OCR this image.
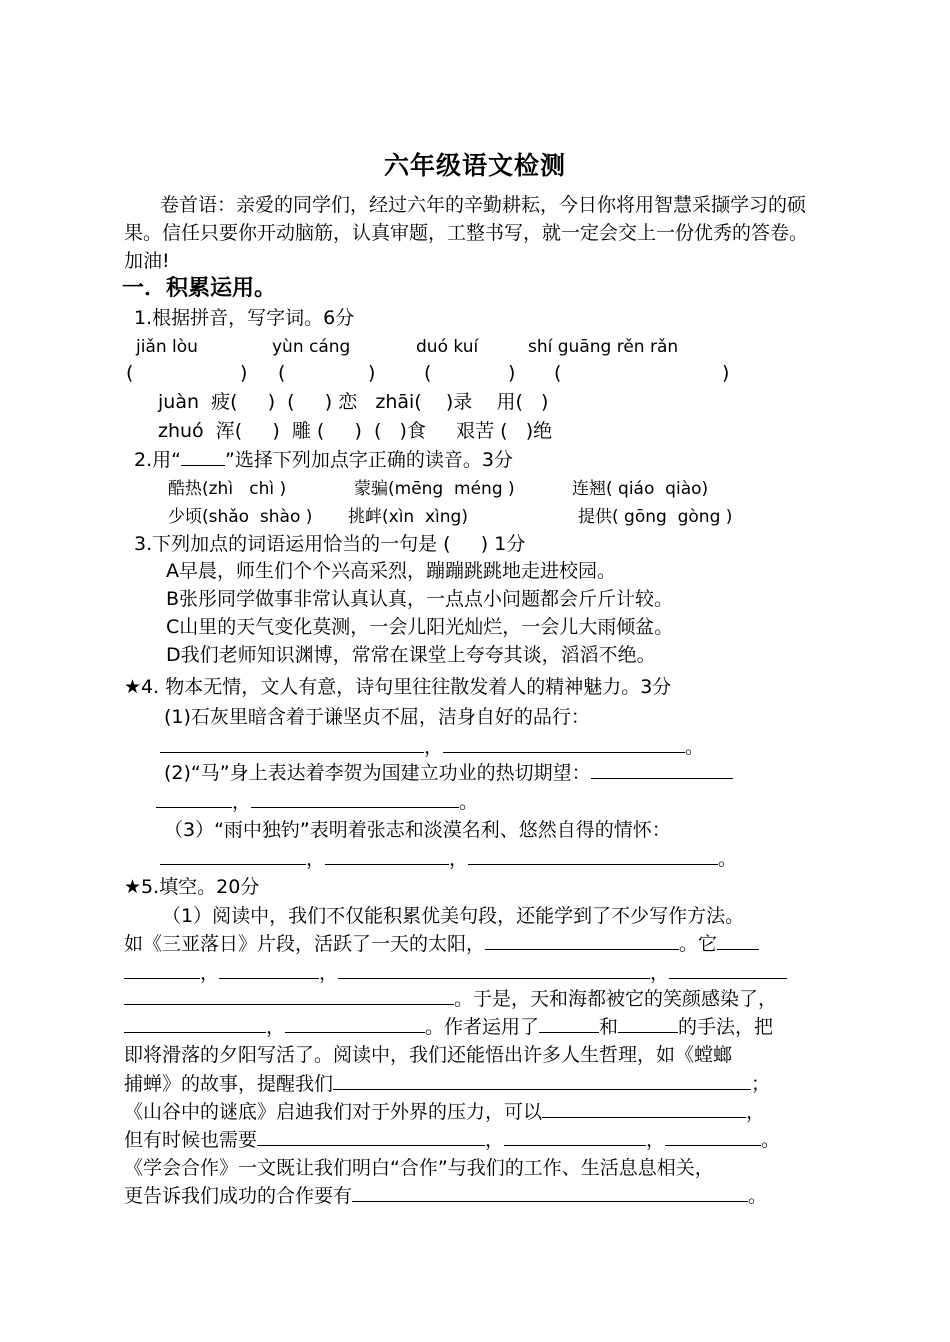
六年级语文检测
卷首语：亲爱的同学们，经过六年的辛勤耕耘，今日你将用智慧采撷学习的硕
果。信任只要你开动脑筋，认真审题，工整书写，就一定会交上一份优秀的答卷。
加油!
一．积累运用。
1.根据拼音，写字词。6分
jiǎn lòu	yùn cáng	duó kuí	shí guāng rěn rǎn
(	) (	)	(	) (	)
juàn  疲(     )  (     ) 恋   zhāi(    )录    用(   )
zhuó  浑(     )  雕 (     )  (   )食     艰苦 (   )绝
2.用“ ”选择下列加点字正确的读音。3分
酷热(zhì   chì )	蒙骗(mēng  méng )	连翘( qiáo  qiào)
少顷(shǎo  shào ) 挑衅(xìn  xìng)	提供( gōng  gòng )
3.下列加点的词语运用恰当的一句是 (     ) 1分
A早晨，师生们个个兴高采烈，蹦蹦跳跳地走进校园。
B张彤同学做事非常认真认真，一点点小问题都会斤斤计较。
C山里的天气变化莫测，一会儿阳光灿烂，一会儿大雨倾盆。
D我们老师知识渊博，常常在课堂上夸夸其谈，滔滔不绝。
★4. 物本无情，文人有意，诗句里往往散发着人的精神魅力。3分
(1)石灰里暗含着于谦坚贞不屈，洁身自好的品行：
，	。
(2)“马”身上表达着李贺为国建立功业的热切期望：
，	。
（3）“雨中独钓”表明着张志和淡漠名利、悠然自得的情怀：
，	，	。
★5.填空。20分
（1）阅读中，我们不仅能积累优美句段，还能学到了不少写作方法。
如《三亚落日》片段，活跃了一天的太阳，	。它
，	，	，
。于是，天和海都被它的笑颜感染了，
，	。作者运用了	和	的手法，把
即将滑落的夕阳写活了。阅读中，我们还能悟出许多人生哲理，如《螳螂
捕蝉》的故事，提醒我们	；
《山谷中的谜底》启迪我们对于外界的压力，可以	，
但有时候也需要	，	，	。
《学会合作》一文既让我们明白“合作”与我们的工作、生活息息相关，
更告诉我们成功的合作要有	。
